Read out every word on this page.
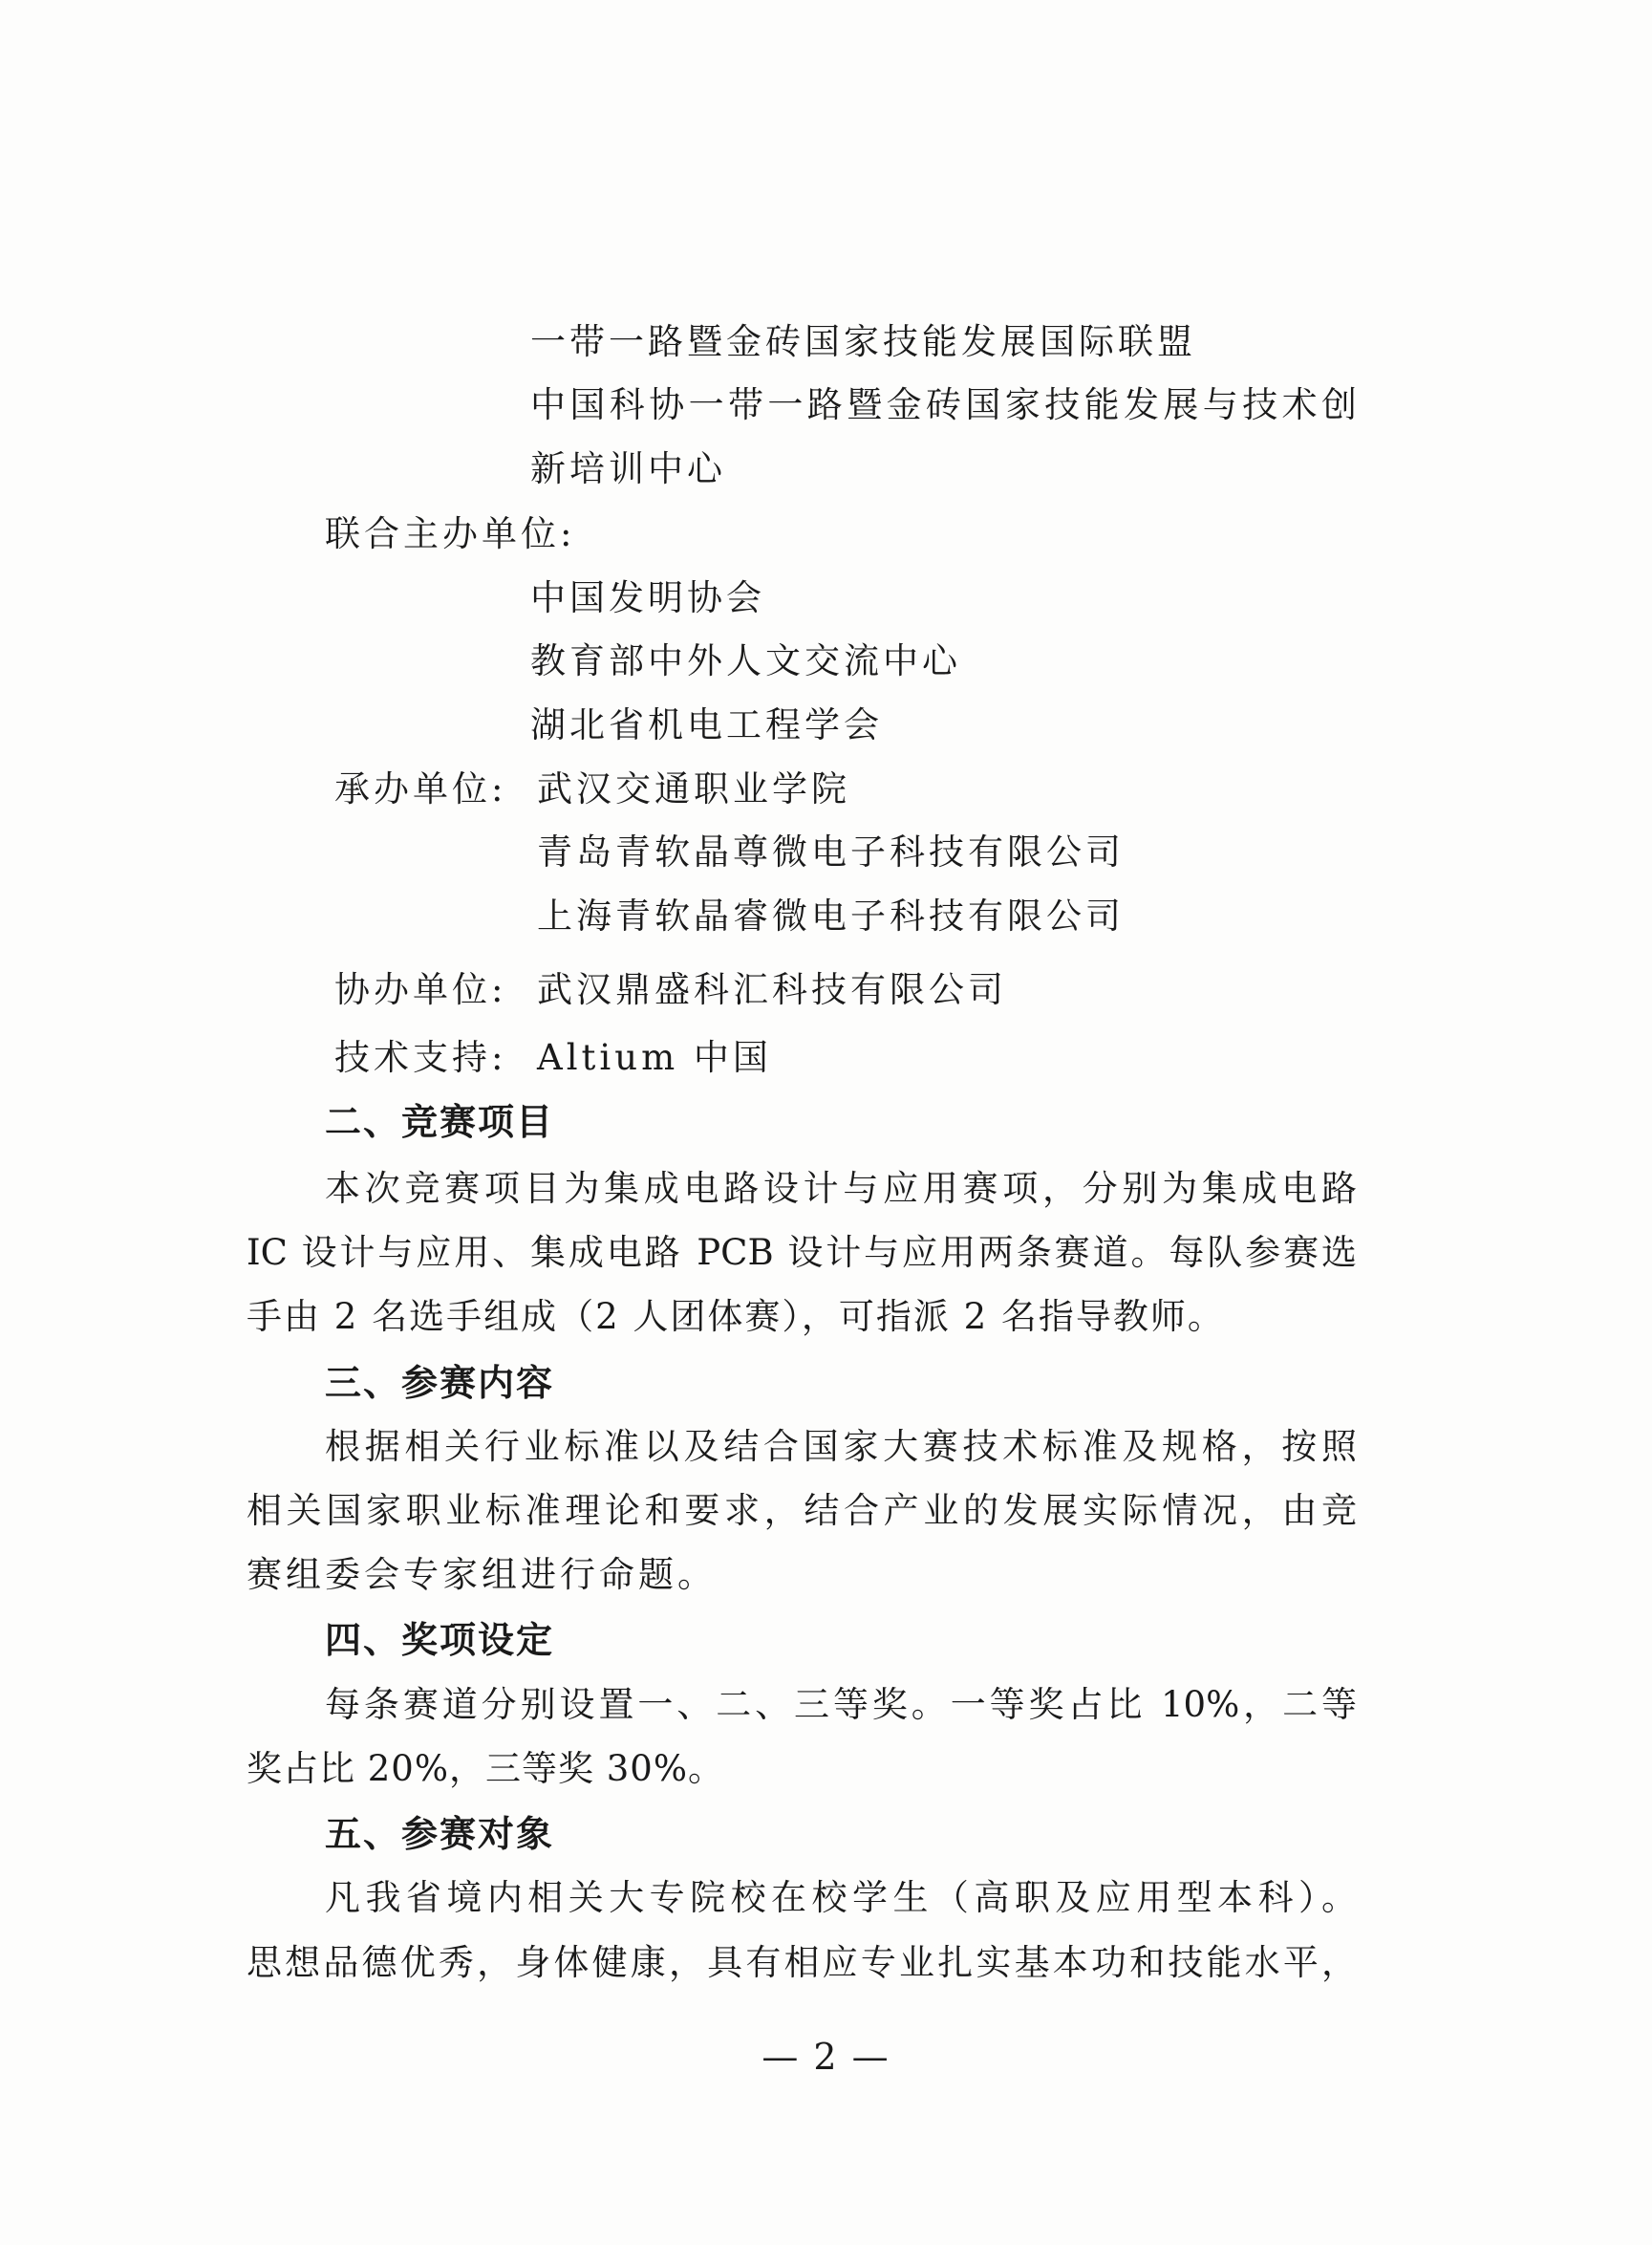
一带一路暨金砖国家技能发展国际联盟
中国科协一带一路暨金砖国家技能发展与技术创
新培训中心
联合主办单位:
中国发明协会
教育部中外人文交流中心
湖北省机电工程学会
承办单位: 武汉交通职业学院
青岛青软晶尊微电子科技有限公司
上海青软晶睿微电子科技有限公司
协办单位: 武汉鼎盛科汇科技有限公司
技术支持: Altium 中国
二、竞赛项目
本次竞赛项目为集成电路设计与应用赛项，分别为集成电路
IC 设计与应用、集成电路 PCB 设计与应用两条赛道。每队参赛选
手由 2 名选手组成（2 人团体赛），可指派 2 名指导教师。
三、参赛内容
根据相关行业标准以及结合国家大赛技术标准及规格，按照
相关国家职业标准理论和要求，结合产业的发展实际情况，由竞
赛组委会专家组进行命题。
四、奖项设定
每条赛道分别设置一、二、三等奖。一等奖占比 10%，二等
奖占比 20%，三等奖 30%。
五、参赛对象
凡我省境内相关大专院校在校学生（高职及应用型本科）。
思想品德优秀，身体健康，具有相应专业扎实基本功和技能水平，
— 2 —
